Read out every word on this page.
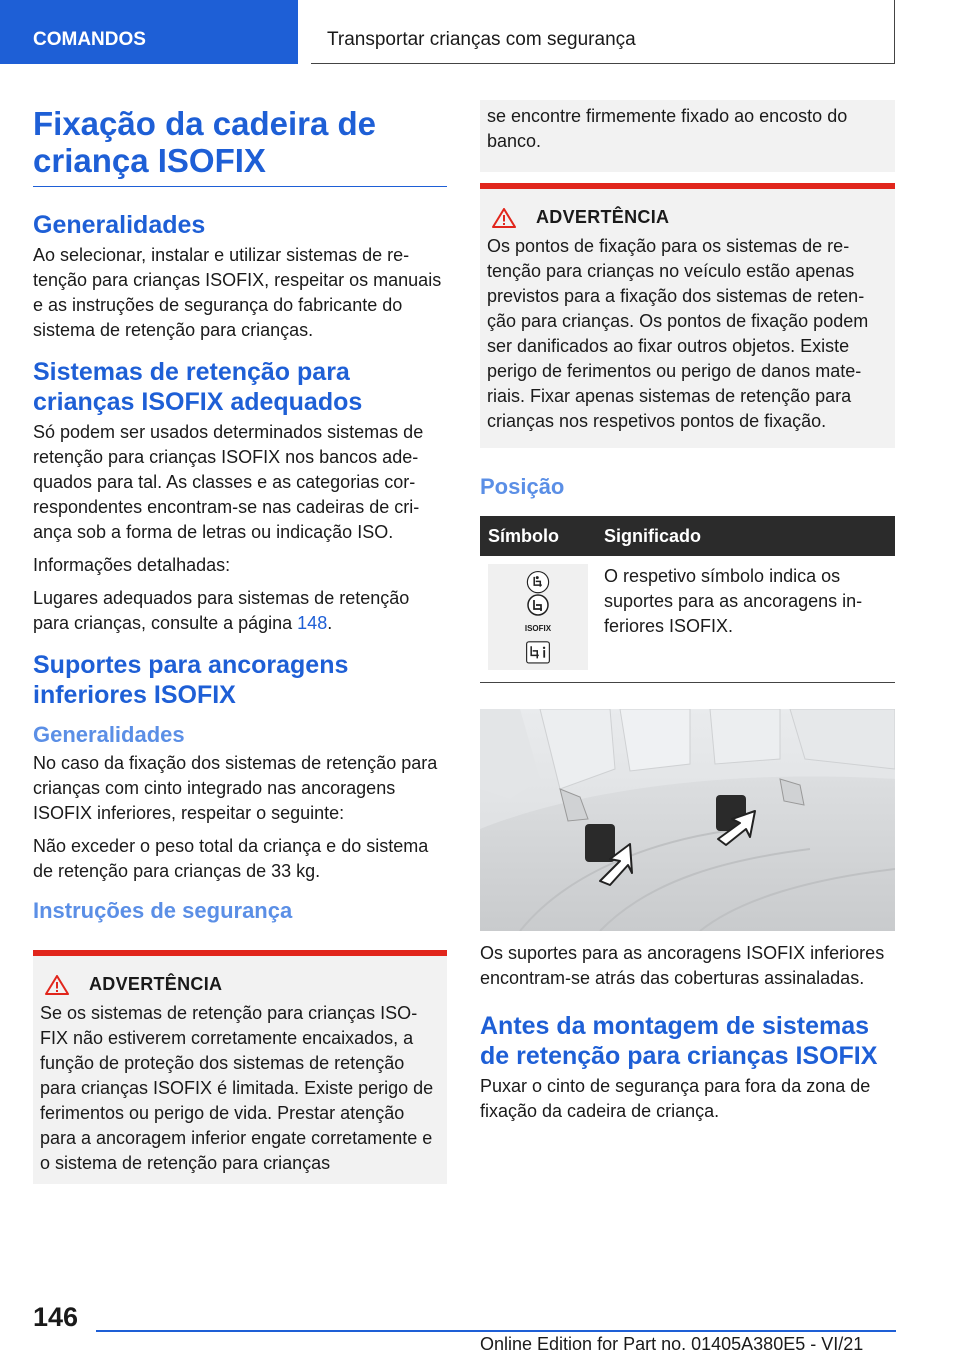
COMANDOS	Transportar crianças com segurança
Fixação da cadeira de criança ISOFIX
Generalidades

Ao selecionar, instalar e utilizar sistemas de retenção para crianças ISOFIX, respeitar os manuais e as instruções de segurança do fabricante do sistema de retenção para crianças.

Sistemas de retenção para crianças ISOFIX adequados

Só podem ser usados determinados sistemas de retenção para crianças ISOFIX nos bancos adequados para tal. As classes e as categorias correspondentes encontram-se nas cadeiras de criança sob a forma de letras ou indicação ISO.

Informações detalhadas:

Lugares adequados para sistemas de retenção para crianças, consulte a página 148.

Suportes para ancoragens inferiores ISOFIX
Generalidades

No caso da fixação dos sistemas de retenção para crianças com cinto integrado nas ancoragens ISOFIX inferiores, respeitar o seguinte:

Não exceder o peso total da criança e do sistema de retenção para crianças de 33 kg.

Instruções de segurança
ADVERTÊNCIA

Se os sistemas de retenção para crianças ISOFIX não estiverem corretamente encaixados, a função de proteção dos sistemas de retenção para crianças ISOFIX é limitada. Existe perigo de ferimentos ou perigo de vida. Prestar atenção para a ancoragem inferior engate corretamente e o sistema de retenção para crianças

se encontre firmemente fixado ao encosto do banco.

ADVERTÊNCIA

Os pontos de fixação para os sistemas de retenção para crianças no veículo estão apenas previstos para a fixação dos sistemas de retenção para crianças. Os pontos de fixação podem ser danificados ao fixar outros objetos. Existe perigo de ferimentos ou perigo de danos materiais. Fixar apenas sistemas de retenção para crianças nos respetivos pontos de fixação.

Posição
Símbolo	Significado

ISOFIX	O respetivo símbolo indica os suportes para as ancoragens inferiores ISOFIX.

Os suportes para as ancoragens ISOFIX inferiores encontram-se atrás das coberturas assinaladas.

Antes da montagem de sistemas de retenção para crianças ISOFIX

Puxar o cinto de segurança para fora da zona de fixação da cadeira de criança.

146
Online Edition for Part no. 01405A380E5 - VI/21
